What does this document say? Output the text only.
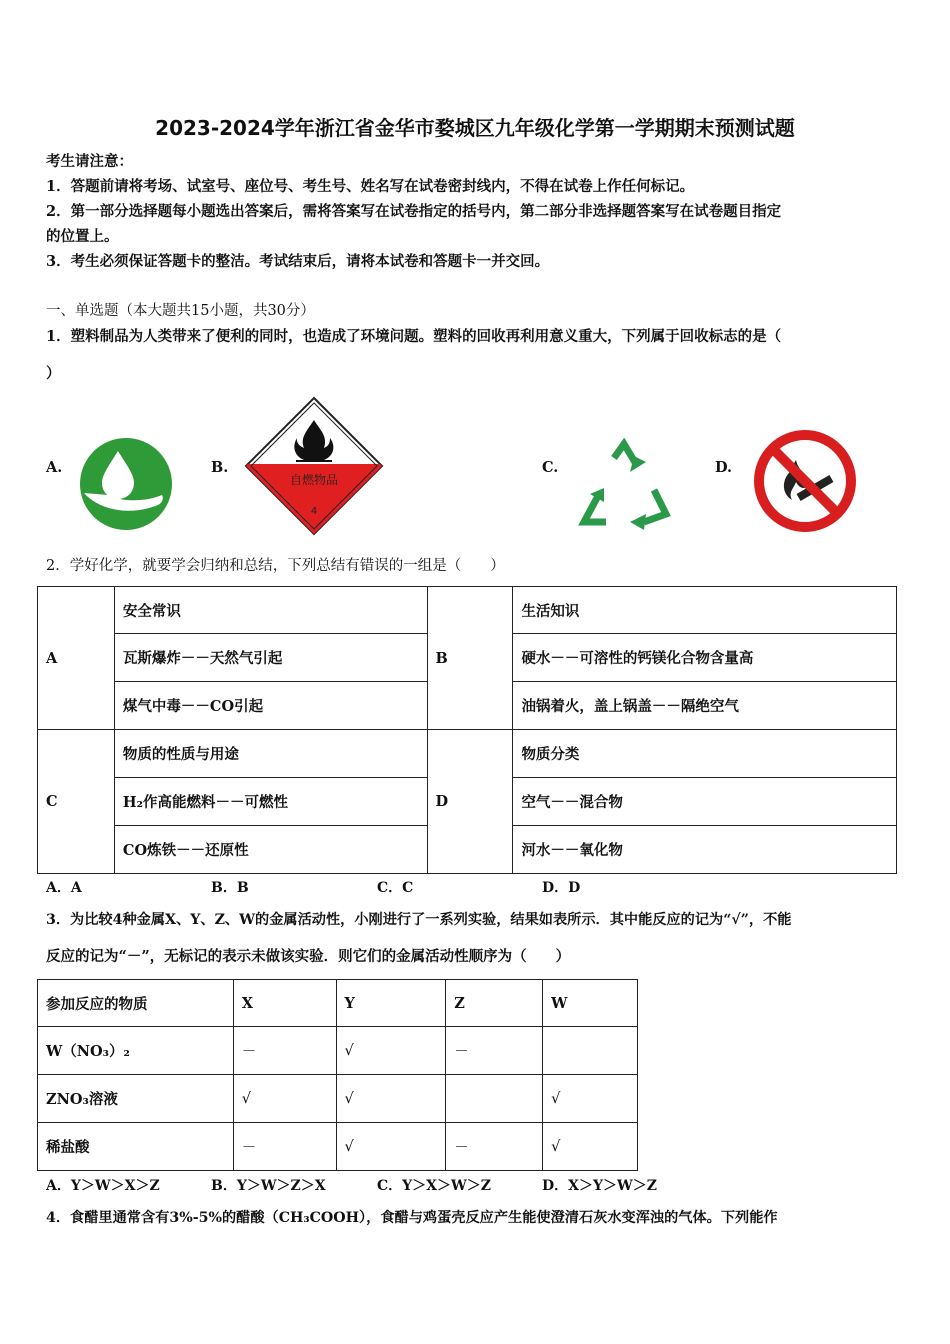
2023-2024学年浙江省金华市婺城区九年级化学第一学期期末预测试题
考生请注意：
1．答题前请将考场、试室号、座位号、考生号、姓名写在试卷密封线内，不得在试卷上作任何标记。
2．第一部分选择题每小题选出答案后，需将答案写在试卷指定的括号内，第二部分非选择题答案写在试卷题目指定
的位置上。
3．考生必须保证答题卡的整洁。考试结束后，请将本试卷和答题卡一并交回。
一、单选题（本大题共15小题，共30分）
1．塑料制品为人类带来了便利的同时，也造成了环境问题。塑料的回收再利用意义重大，下列属于回收标志的是（
）
A.	B.	C.	D.
自燃物品
4
2．学好化学，就要学会归纳和总结，下列总结有错误的一组是（　　）
A	安全常识	B	生活知识
	瓦斯爆炸－－天然气引起		硬水－－可溶性的钙镁化合物含量高
	煤气中毒－－CO引起		油锅着火，盖上锅盖－－隔绝空气
C	物质的性质与用途	D	物质分类
	H₂作高能燃料－－可燃性		空气－－混合物
	CO炼铁－－还原性		河水－－氧化物
A．A	B．B	C．C	D．D
3．为比较4种金属X、Y、Z、W的金属活动性，小刚进行了一系列实验，结果如表所示．其中能反应的记为“√”，不能
反应的记为“－”，无标记的表示未做该实验．则它们的金属活动性顺序为（　　）
参加反应的物质	X	Y	Z	W
W（NO₃）₂	－	√	－	
ZNO₃溶液	√	√		√
稀盐酸	－	√	－	√
A．Y＞W＞X＞Z	B．Y＞W＞Z＞X	C．Y＞X＞W＞Z	D．X＞Y＞W＞Z
4．食醋里通常含有3%-5%的醋酸（CH₃COOH），食醋与鸡蛋壳反应产生能使澄清石灰水变浑浊的气体。下列能作
